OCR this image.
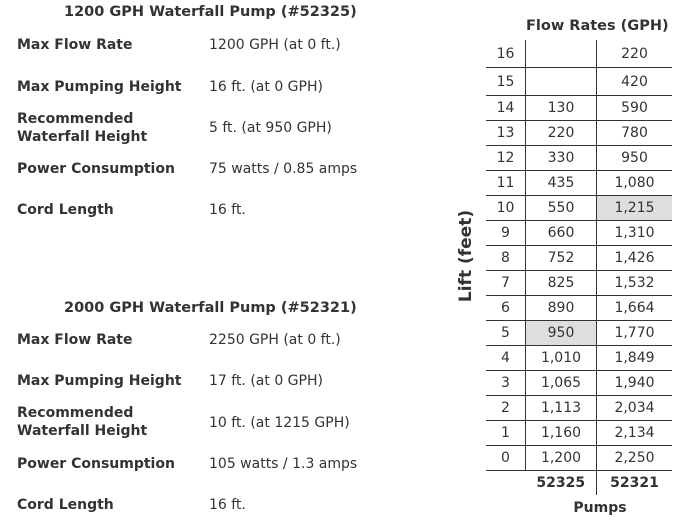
1200 GPH Waterfall Pump (#52325)
Max Flow Rate	1200 GPH (at 0 ft.)
Max Pumping Height	16 ft. (at 0 GPH)
Recommended Waterfall Height
5 ft. (at 950 GPH)
Power Consumption	75 watts / 0.85 amps
Cord Length	16 ft.
2000 GPH Waterfall Pump (#52321)
Max Flow Rate	2250 GPH (at 0 ft.)
Max Pumping Height	17 ft. (at 0 GPH)
Recommended Waterfall Height	10 ft. (at 1215 GPH)
Power Consumption	105 watts / 1.3 amps
Cord Length	16 ft.
Flow Rates (GPH)
Lift (feet)
16		220
15		420
14	130	590
13	220	780
12	330	950
11	435	1,080
10	550	1,215
9	660	1,310
8	752	1,426
7	825	1,532
6	890	1,664
5	950	1,770
4	1,010	1,849
3	1,065	1,940
2	1,113	2,034
1	1,160	2,134
0	1,200	2,250
	52325	52321
Pumps
